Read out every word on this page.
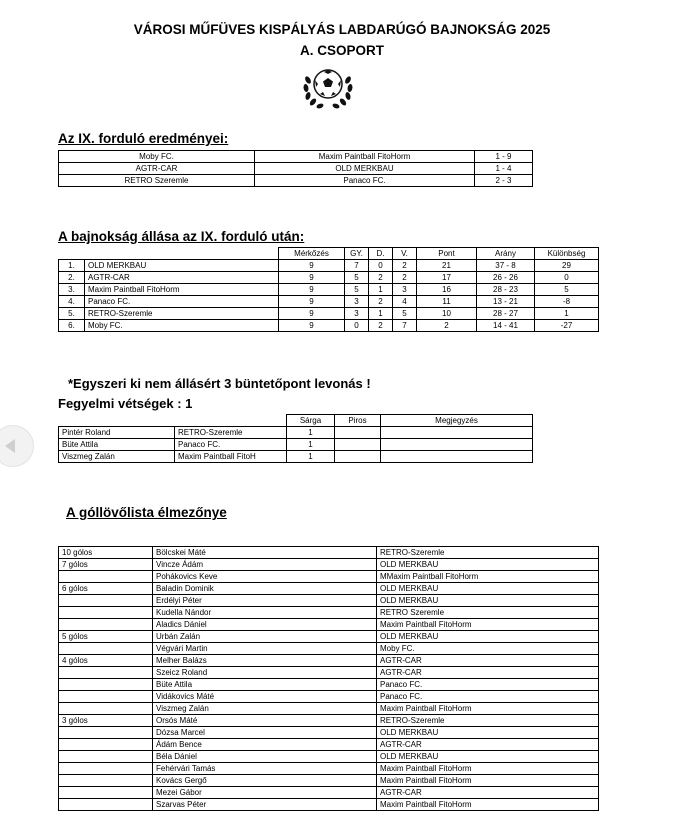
VÁROSI MŰFÜVES KISPÁLYÁS LABDARÚGÓ BAJNOKSÁG 2025
A. CSOPORT
Az IX. forduló eredményei:
Moby FC.	Maxim Paintball FitoHorm	1 - 9
AGTR-CAR	OLD MERKBAU	1 - 4
RETRO Szeremle	Panaco FC.	2 - 3
A bajnokság állása az IX. forduló után:
		Mérkőzés	GY.	D.	V.	Pont	Arány	Különbség
1.	OLD MERKBAU	9	7	0	2	21	37 - 8	29
2.	AGTR-CAR	9	5	2	2	17	26 - 26	0
3.	Maxim Paintball FitoHorm	9	5	1	3	16	28 - 23	5
4.	Panaco FC.	9	3	2	4	11	13 - 21	-8
5.	RETRO-Szeremle	9	3	1	5	10	28 - 27	1
6.	Moby FC.	9	0	2	7	2	14 - 41	-27
*Egyszeri ki nem állásért 3 büntetőpont levonás !
Fegyelmi vétségek : 1
		Sárga	Piros	Megjegyzés
Pintér Roland	RETRO-Szeremle	1		
Büte Attila	Panaco FC.	1		
Viszmeg Zalán	Maxim Paintball FitoH	1		
A góllövőlista élmezőnye
10 gólos	Bölcskei Máté	RETRO-Szeremle
7 gólos	Vincze Ádám	OLD MERKBAU
	Pohákovics Keve	MMaxim Paintball FitoHorm
6 gólos	Baladin Dominik	OLD MERKBAU
	Erdélyi Péter	OLD MERKBAU
	Kudella Nándor	RETRO Szeremle
	Aladics Dániel	Maxim Paintball FitoHorm
5 gólos	Urbán Zalán	OLD MERKBAU
	Végvári Martin	Moby FC.
4 gólos	Melher Balázs	AGTR-CAR
	Szeicz Roland	AGTR-CAR
	Büte Attila	Panaco FC.
	Vidákovics Máté	Panaco FC.
	Viszmeg Zalán	Maxim Paintball FitoHorm
3 gólos	Orsós Máté	RETRO-Szeremle
	Dózsa Marcel	OLD MERKBAU
	Ádám Bence	AGTR-CAR
	Béla Dániel	OLD MERKBAU
	Fehérvári Tamás	Maxim Paintball FitoHorm
	Kovács Gergő	Maxim Paintball FitoHorm
	Mezei Gábor	AGTR-CAR
	Szarvas Péter	Maxim Paintball FitoHorm
